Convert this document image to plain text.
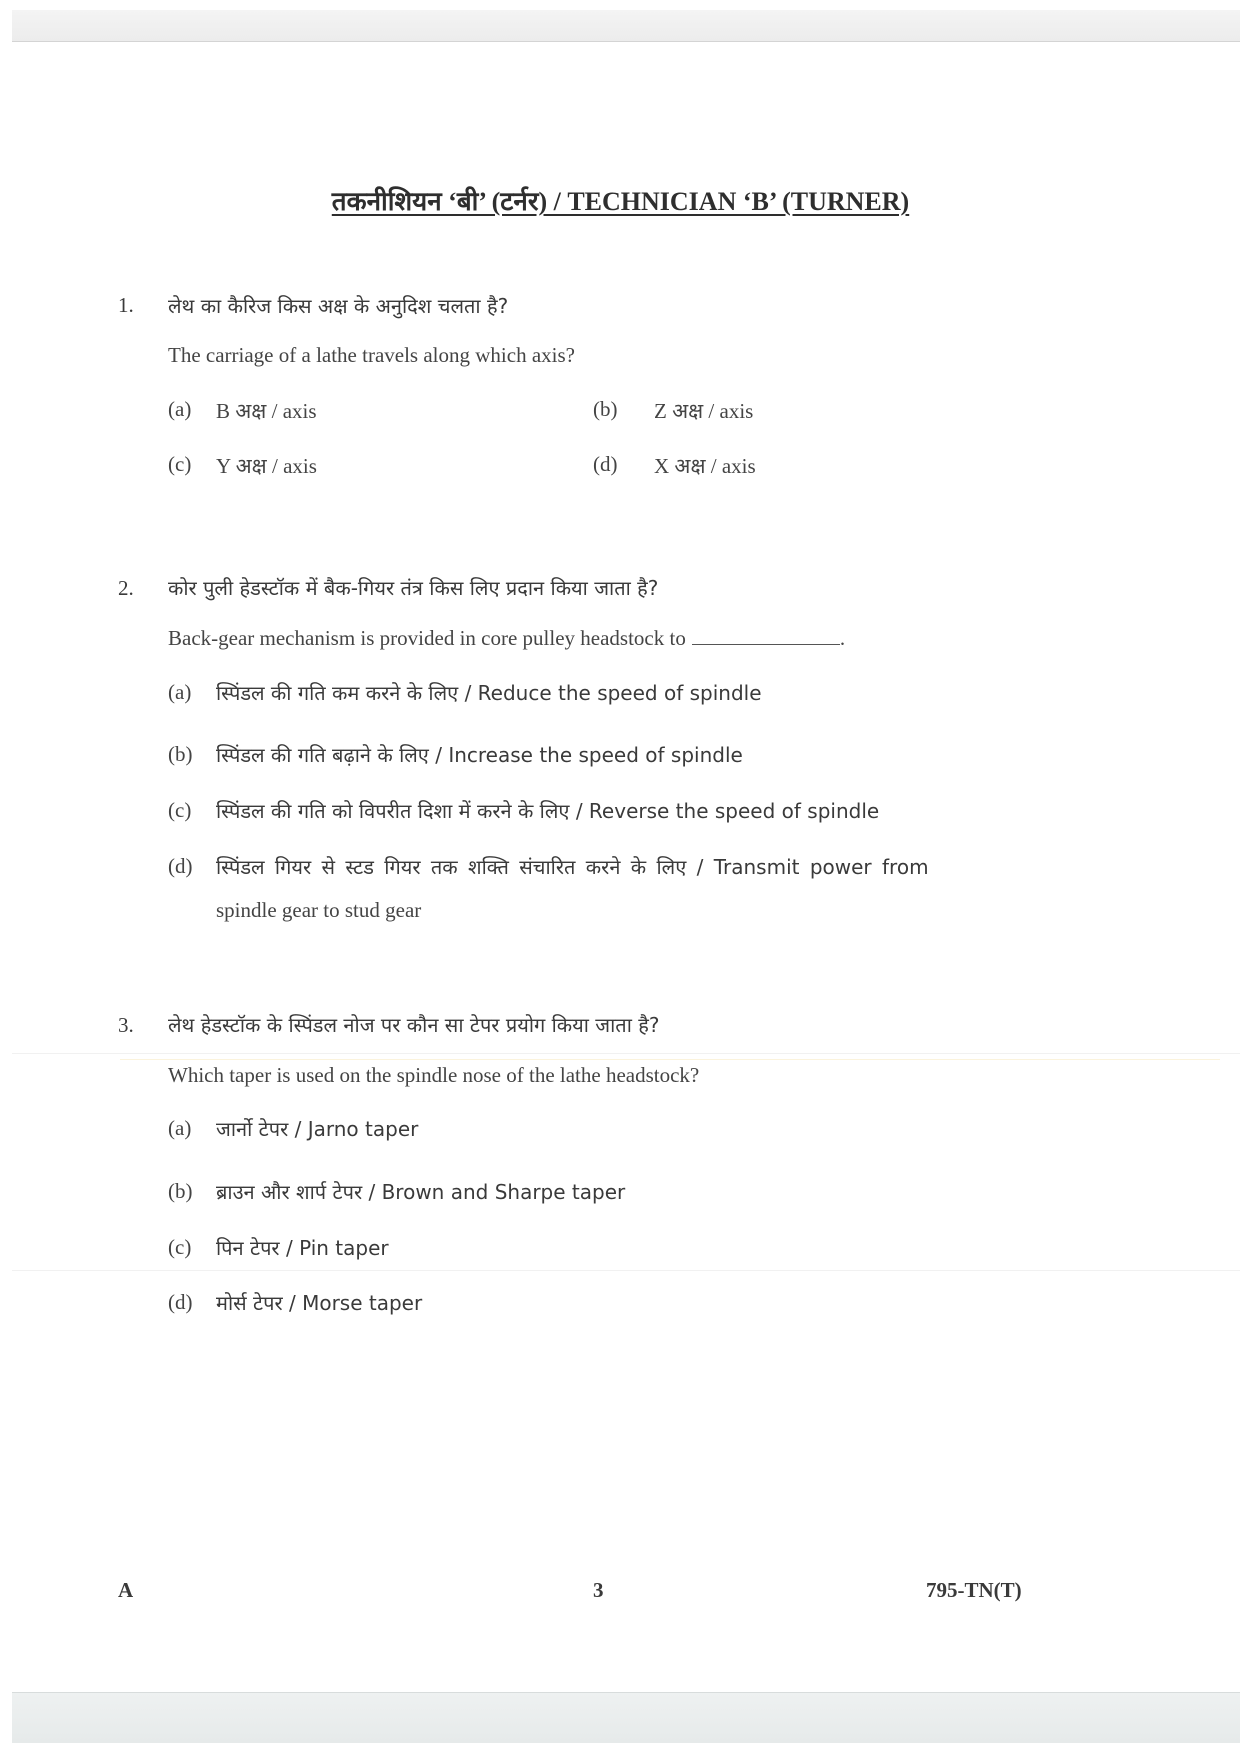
तकनीशियन ‘बी’ (टर्नर) / TECHNICIAN ‘B’ (TURNER)
1. लेथ का कैरिज किस अक्ष के अनुदिश चलता है?
The carriage of a lathe travels along which axis?
(a) B अक्ष / axis	(b) Z अक्ष / axis
(c) Y अक्ष / axis	(d) X अक्ष / axis
2. कोर पुली हेडस्टॉक में बैक-गियर तंत्र किस लिए प्रदान किया जाता है?
Back-gear mechanism is provided in core pulley headstock to	.
(a) स्पिंडल की गति कम करने के लिए / Reduce the speed of spindle
(b) स्पिंडल की गति बढ़ाने के लिए / Increase the speed of spindle
(c) स्पिंडल की गति को विपरीत दिशा में करने के लिए / Reverse the speed of spindle
(d) स्पिंडल गियर से स्टड गियर तक शक्ति संचारित करने के लिए / Transmit power from
spindle gear to stud gear
3. लेथ हेडस्टॉक के स्पिंडल नोज पर कौन सा टेपर प्रयोग किया जाता है?
Which taper is used on the spindle nose of the lathe headstock?
(a) जार्नो टेपर / Jarno taper
(b) ब्राउन और शार्प टेपर / Brown and Sharpe taper
(c) पिन टेपर / Pin taper
(d) मोर्स टेपर / Morse taper
A	3	795-TN(T)
